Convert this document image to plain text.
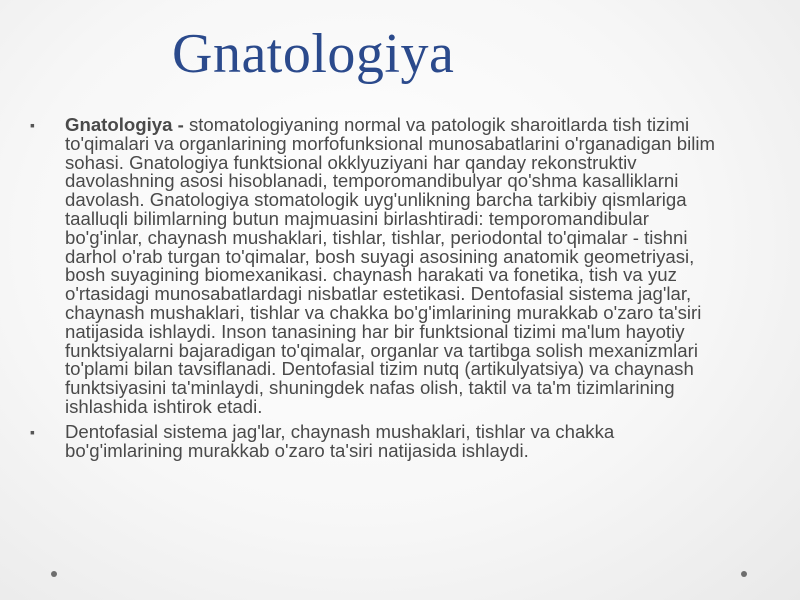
Gnatologiya
▪ Gnatologiya - stomatologiyaning normal va patologik sharoitlarda tish tizimi to'qimalari va organlarining morfofunksional munosabatlarini o'rganadigan bilim sohasi. Gnatologiya funktsional okklyuziyani har qanday rekonstruktiv davolashning asosi hisoblanadi, temporomandibulyar qo'shma kasalliklarni davolash. Gnatologiya stomatologik uyg'unlikning barcha tarkibiy qismlariga taalluqli bilimlarning butun majmuasini birlashtiradi: temporomandibular bo'g'inlar, chaynash mushaklari, tishlar, tishlar, periodontal to'qimalar - tishni darhol o'rab turgan to'qimalar, bosh suyagi asosining anatomik geometriyasi, bosh suyagining biomexanikasi. chaynash harakati va fonetika, tish va yuz o'rtasidagi munosabatlardagi nisbatlar estetikasi. Dentofasial sistema jag'lar, chaynash mushaklari, tishlar va chakka bo'g'imlarining murakkab o'zaro ta'siri natijasida ishlaydi. Inson tanasining har bir funktsional tizimi ma'lum hayotiy funktsiyalarni bajaradigan to'qimalar, organlar va tartibga solish mexanizmlari to'plami bilan tavsiflanadi. Dentofasial tizim nutq (artikulyatsiya) va chaynash funktsiyasini ta'minlaydi, shuningdek nafas olish, taktil va ta'm tizimlarining ishlashida ishtirok etadi.
▪ Dentofasial sistema jag'lar, chaynash mushaklari, tishlar va chakka bo'g'imlarining murakkab o'zaro ta'siri natijasida ishlaydi.
